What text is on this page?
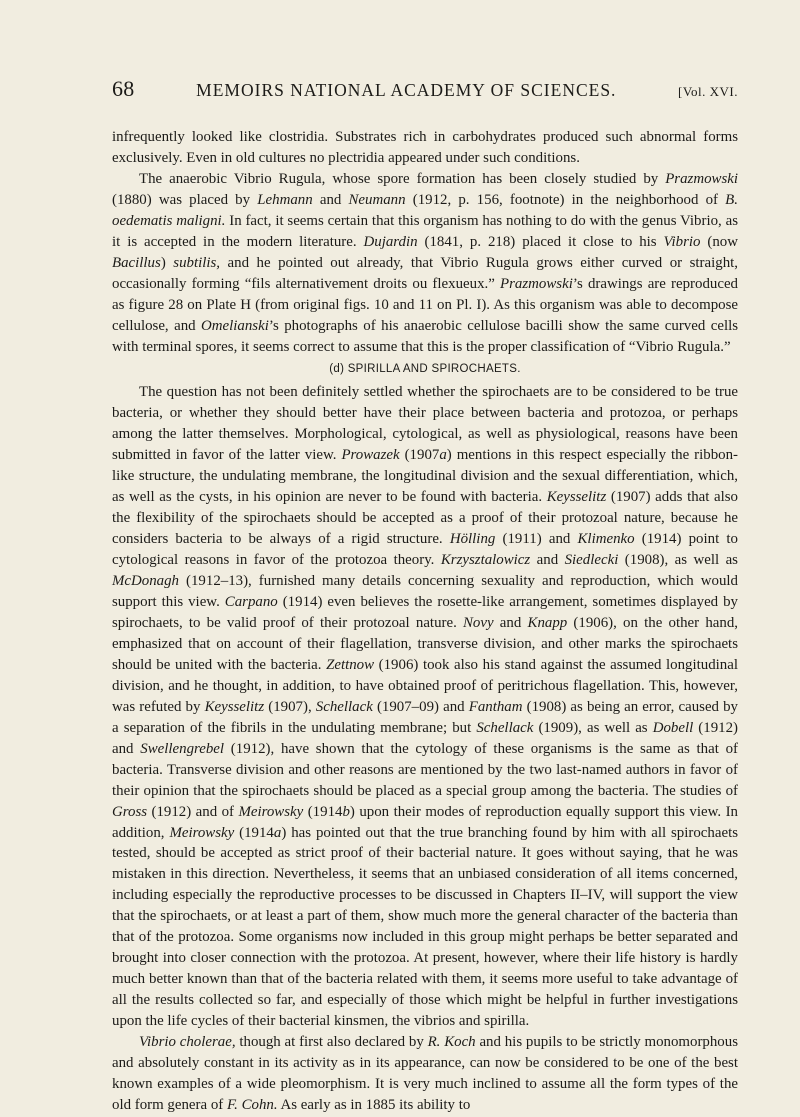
68	MEMOIRS NATIONAL ACADEMY OF SCIENCES.	[Vol. XVI.

infrequently looked like clostridia. Substrates rich in carbohydrates produced such abnormal forms exclusively. Even in old cultures no plectridia appeared under such conditions.

The anaerobic Vibrio Rugula, whose spore formation has been closely studied by Prazmowski (1880) was placed by Lehmann and Neumann (1912, p. 156, footnote) in the neighborhood of B. oedematis maligni. In fact, it seems certain that this organism has nothing to do with the genus Vibrio, as it is accepted in the modern literature. Dujardin (1841, p. 218) placed it close to his Vibrio (now Bacillus) subtilis, and he pointed out already, that Vibrio Rugula grows either curved or straight, occasionally forming “fils alternativement droits ou flexueux.” Prazmowski’s drawings are reproduced as figure 28 on Plate H (from original figs. 10 and 11 on Pl. I). As this organism was able to decompose cellulose, and Omelianski’s photographs of his anaerobic cellulose bacilli show the same curved cells with terminal spores, it seems correct to assume that this is the proper classification of “Vibrio Rugula.”

(d) SPIRILLA AND SPIROCHAETS.

The question has not been definitely settled whether the spirochaets are to be considered to be true bacteria, or whether they should better have their place between bacteria and protozoa, or perhaps among the latter themselves. Morphological, cytological, as well as physiological, reasons have been submitted in favor of the latter view. Prowazek (1907a) mentions in this respect especially the ribbon-like structure, the undulating membrane, the longitudinal division and the sexual differentiation, which, as well as the cysts, in his opinion are never to be found with bacteria. Keysselitz (1907) adds that also the flexibility of the spirochaets should be accepted as a proof of their protozoal nature, because he considers bacteria to be always of a rigid structure. Hölling (1911) and Klimenko (1914) point to cytological reasons in favor of the protozoa theory. Krzysztalowicz and Siedlecki (1908), as well as McDonagh (1912–13), furnished many details concerning sexuality and reproduction, which would support this view. Carpano (1914) even believes the rosette-like arrangement, sometimes displayed by spirochaets, to be valid proof of their protozoal nature. Novy and Knapp (1906), on the other hand, emphasized that on account of their flagellation, transverse division, and other marks the spirochaets should be united with the bacteria. Zettnow (1906) took also his stand against the assumed longitudinal division, and he thought, in addition, to have obtained proof of peritrichous flagellation. This, however, was refuted by Keysselitz (1907), Schellack (1907–09) and Fantham (1908) as being an error, caused by a separation of the fibrils in the undulating membrane; but Schellack (1909), as well as Dobell (1912) and Swellengrebel (1912), have shown that the cytology of these organisms is the same as that of bacteria. Transverse division and other reasons are mentioned by the two last-named authors in favor of their opinion that the spirochaets should be placed as a special group among the bacteria. The studies of Gross (1912) and of Meirowsky (1914b) upon their modes of reproduction equally support this view. In addition, Meirowsky (1914a) has pointed out that the true branching found by him with all spirochaets tested, should be accepted as strict proof of their bacterial nature. It goes without saying, that he was mistaken in this direction. Nevertheless, it seems that an unbiased consideration of all items concerned, including especially the reproductive processes to be discussed in Chapters II–IV, will support the view that the spirochaets, or at least a part of them, show much more the general character of the bacteria than that of the protozoa. Some organisms now included in this group might perhaps be better separated and brought into closer connection with the protozoa. At present, however, where their life history is hardly much better known than that of the bacteria related with them, it seems more useful to take advantage of all the results collected so far, and especially of those which might be helpful in further investigations upon the life cycles of their bacterial kinsmen, the vibrios and spirilla.

Vibrio cholerae, though at first also declared by R. Koch and his pupils to be strictly monomorphous and absolutely constant in its activity as in its appearance, can now be considered to be one of the best known examples of a wide pleomorphism. It is very much inclined to assume all the form types of the old form genera of F. Cohn. As early as in 1885 its ability to
